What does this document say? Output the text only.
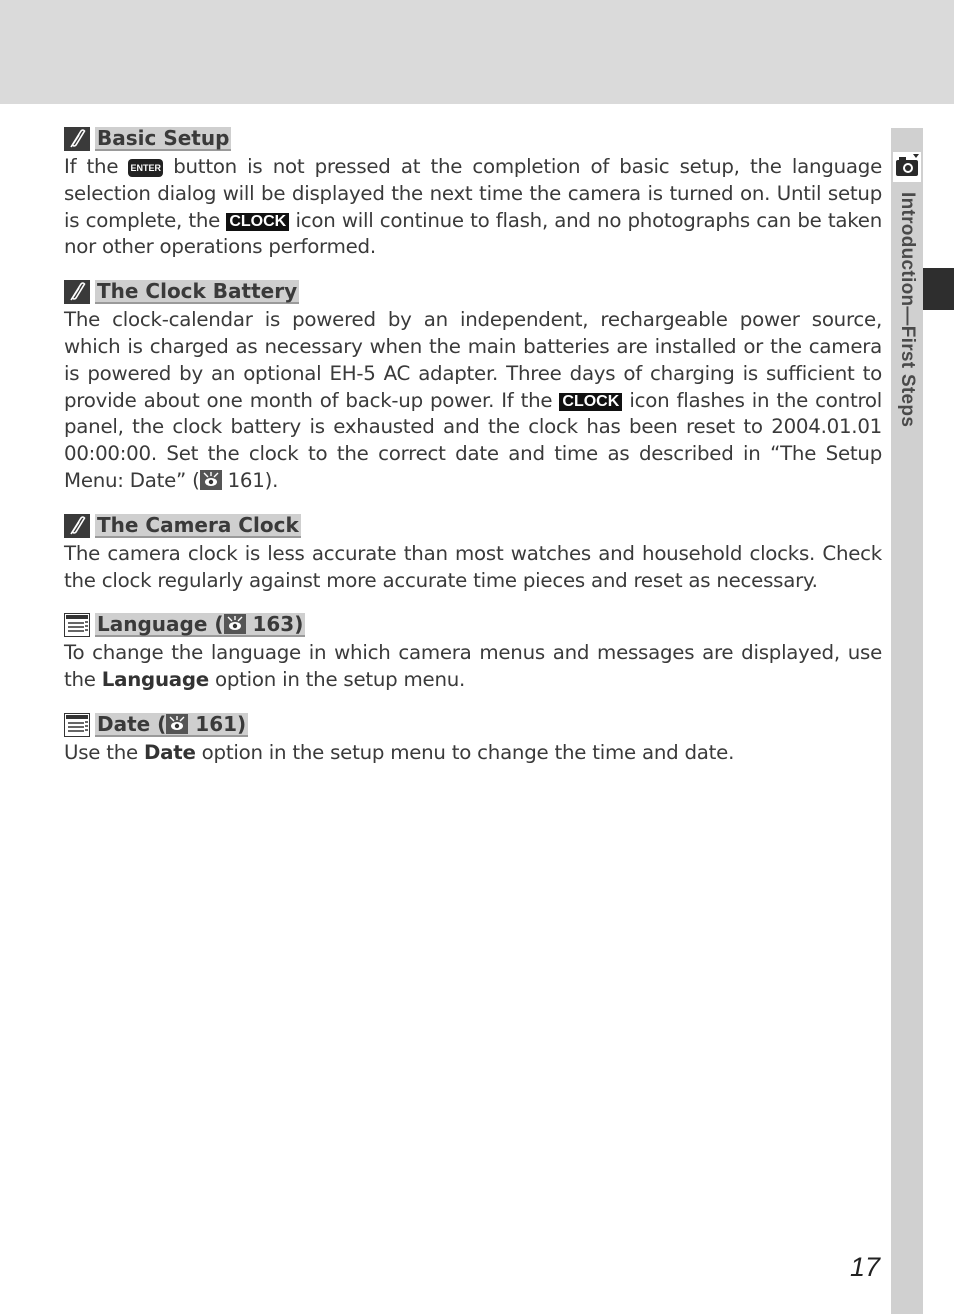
Introduction—First Steps
Basic Setup

If the ENTER button is not pressed at the completion of basic setup, the language selection dialog will be displayed the next time the camera is turned on. Until setup is complete, the CLOCK icon will continue to flash, and no photographs can be taken nor other operations performed.

The Clock Battery

The clock-calendar is powered by an independent, rechargeable power source, which is charged as necessary when the main batteries are installed or the camera is powered by an optional EH-5 AC adapter. Three days of charging is sufficient to provide about one month of back-up power. If the CLOCK icon flashes in the control panel, the clock battery is exhausted and the clock has been reset to 2004.01.01 00:00:00. Set the clock to the correct date and time as described in “The Setup Menu: Date” ( 161).

The Camera Clock

The camera clock is less accurate than most watches and household clocks. Check the clock regularly against more accurate time pieces and reset as necessary.

Language ( 163)

To change the language in which camera menus and messages are displayed, use the Language option in the setup menu.

Date ( 161)

Use the Date option in the setup menu to change the time and date.

17
